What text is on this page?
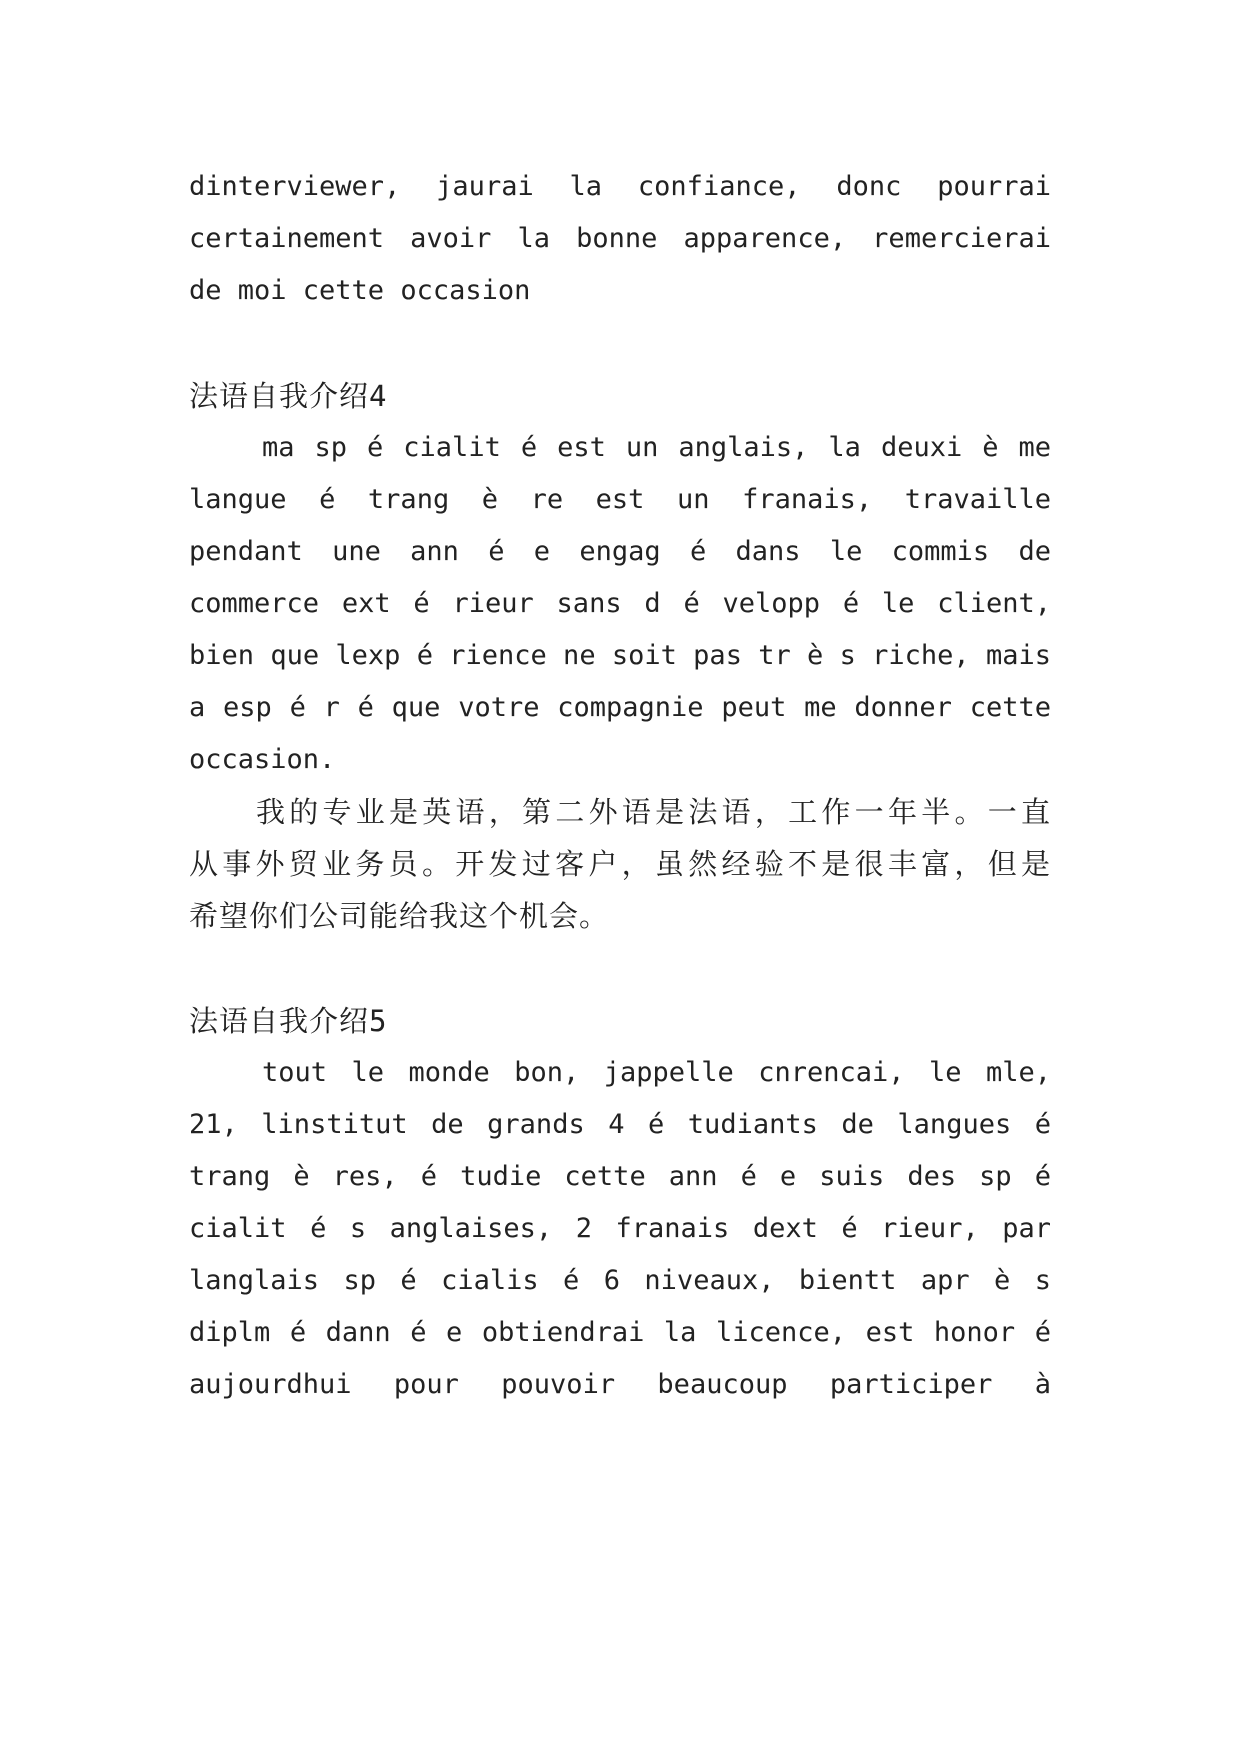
dinterviewer, jaurai la confiance, donc pourrai
certainement avoir la bonne apparence, remercierai
de moi cette occasion
法语自我介绍4
ma sp é cialit é est un anglais, la deuxi è me
langue é trang è re est un franais, travaille
pendant une ann é e engag é dans le commis de
commerce ext é rieur sans d é velopp é le client,
bien que lexp é rience ne soit pas tr è s riche, mais
a esp é r é que votre compagnie peut me donner cette
occasion.
我的专业是英语，第二外语是法语，工作一年半。一直
从事外贸业务员。开发过客户，虽然经验不是很丰富，但是
希望你们公司能给我这个机会。
法语自我介绍5
tout le monde bon, jappelle cnrencai, le mle,
21, linstitut de grands 4 é tudiants de langues é
trang è res, é tudie cette ann é e suis des sp é
cialit é s anglaises, 2 franais dext é rieur, par
langlais sp é cialis é 6 niveaux, bientt apr è s
diplm é dann é e obtiendrai la licence, est honor é
aujourdhui pour pouvoir beaucoup participer à
